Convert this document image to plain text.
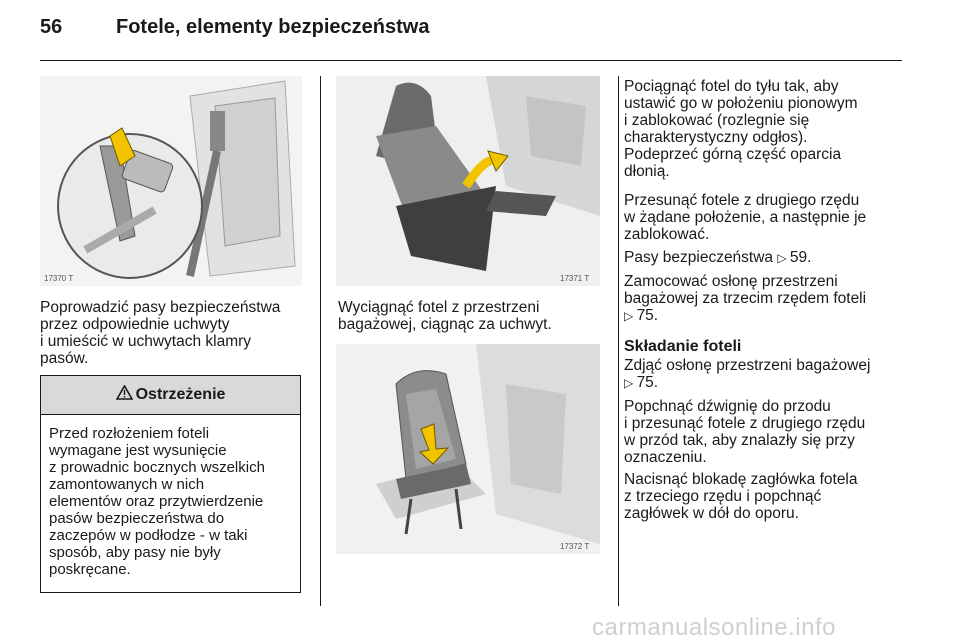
56	Fotele, elementy bezpieczeństwa
17370 T
Poprowadzić pasy bezpieczeństwa
przez odpowiednie uchwyty
i umieścić w uchwytach klamry
pasów.
Ostrzeżenie
Przed rozłożeniem foteli
wymagane jest wysunięcie
z prowadnic bocznych wszelkich
zamontowanych w nich
elementów oraz przytwierdzenie
pasów bezpieczeństwa do
zaczepów w podłodze - w taki
sposób, aby pasy nie były
poskręcane.
17371 T
Wyciągnąć fotel z przestrzeni
bagażowej, ciągnąc za uchwyt.
17372 T
Pociągnąć fotel do tyłu tak, aby
ustawić go w położeniu pionowym
i zablokować (rozlegnie się
charakterystyczny odgłos).
Podeprzeć górną część oparcia
dłonią.
Przesunąć fotele z drugiego rzędu
w żądane położenie, a następnie je
zablokować.
Pasy bezpieczeństwa ▷ 59.
Zamocować osłonę przestrzeni
bagażowej za trzecim rzędem foteli
▷ 75.
Składanie foteli
Zdjąć osłonę przestrzeni bagażowej
▷ 75.
Popchnąć dźwignię do przodu
i przesunąć fotele z drugiego rzędu
w przód tak, aby znalazły się przy
oznaczeniu.
Nacisnąć blokadę zagłówka fotela
z trzeciego rzędu i popchnąć
zagłówek w dół do oporu.
carmanualsonline.info
